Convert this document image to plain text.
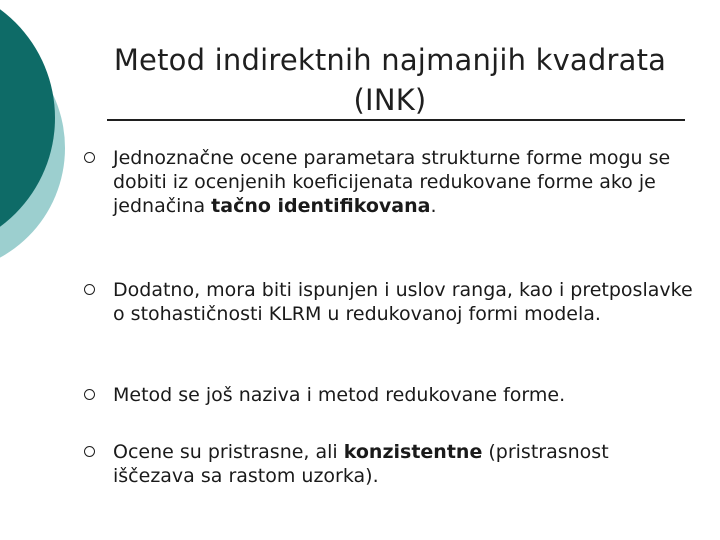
Metod indirektnih najmanjih kvadrata (INK)
Jednoznačne ocene parametara strukturne forme mogu se dobiti iz ocenjenih koeficijenata redukovane forme ako je jednačina tačno identifikovana.
Dodatno, mora biti ispunjen i uslov ranga, kao i pretposlavke o stohastičnosti KLRM u redukovanoj formi modela.
Metod se još naziva i metod redukovane forme.
Ocene su pristrasne, ali konzistentne (pristrasnost iščezava sa rastom uzorka).
